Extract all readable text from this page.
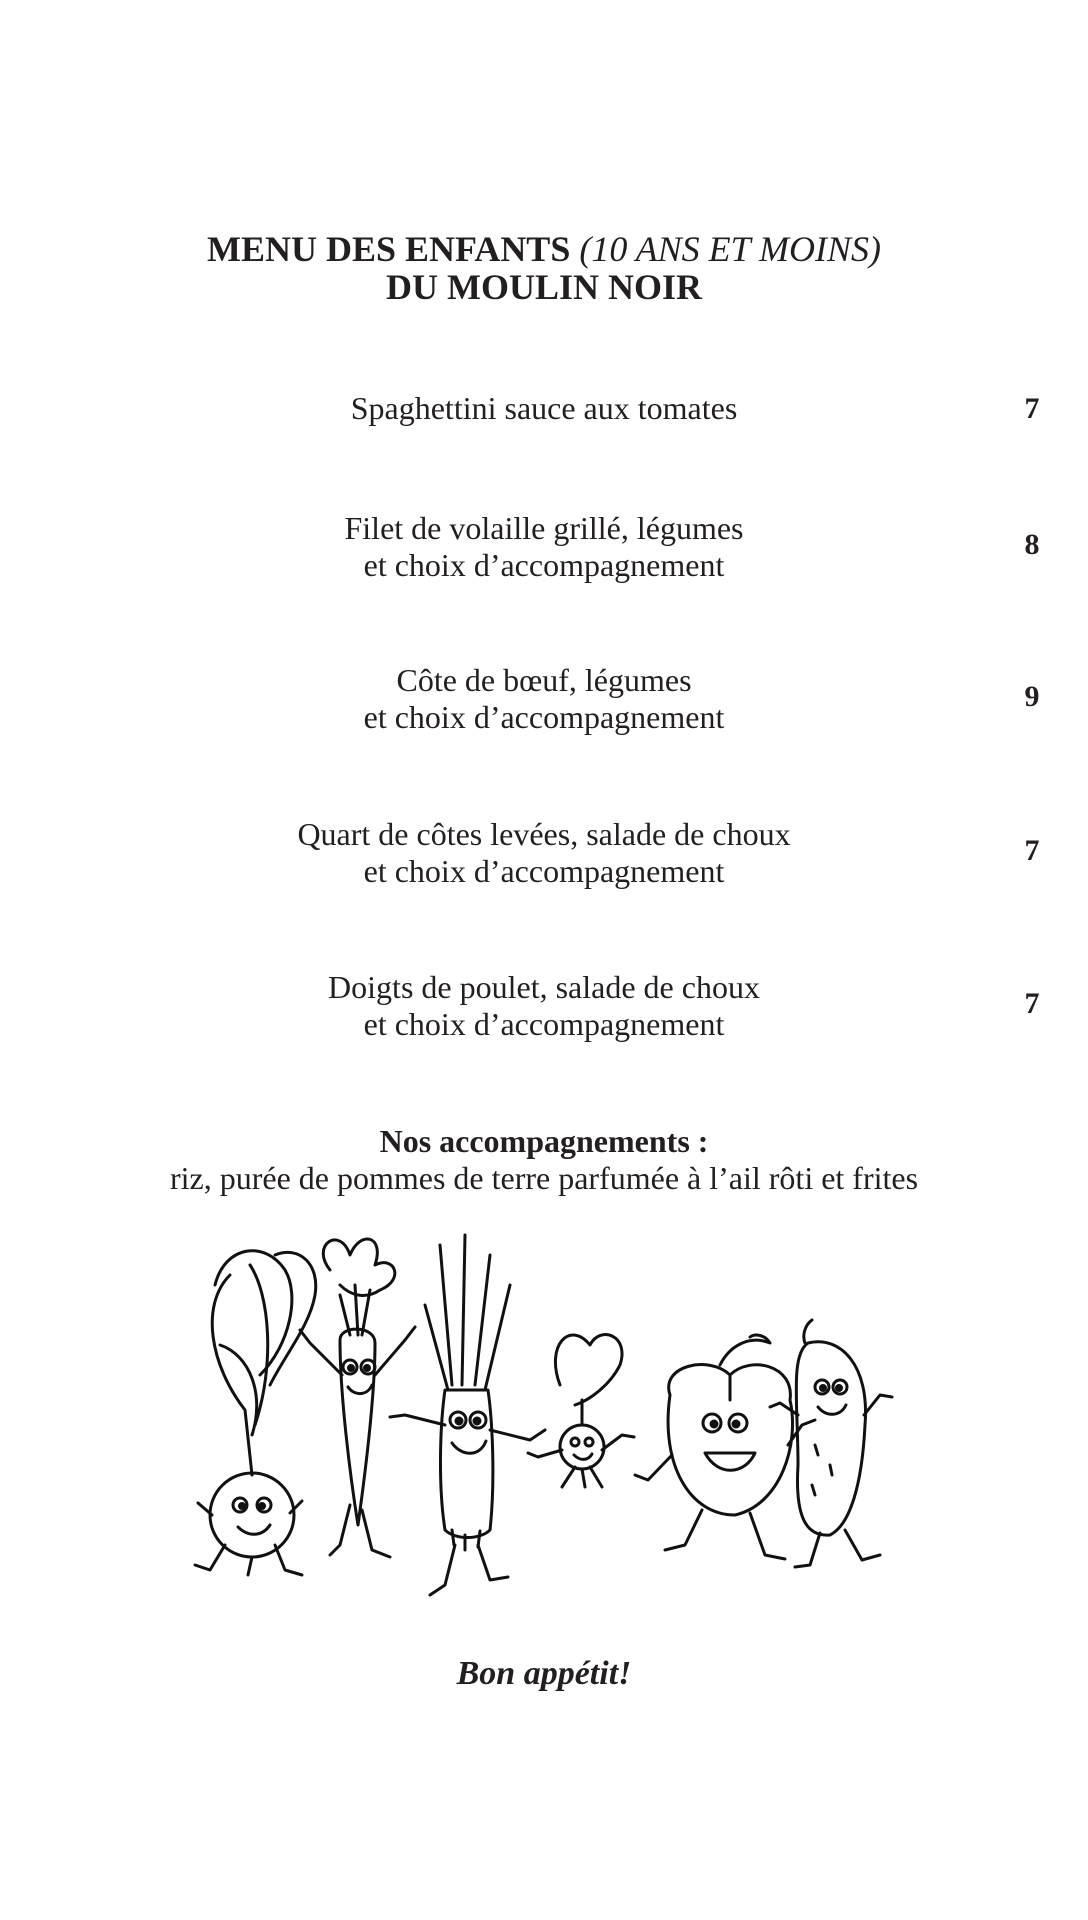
MENU DES ENFANTS (10 ANS ET MOINS)
DU MOULIN NOIR
Spaghettini sauce aux tomates	7
Filet de volaille grillé, légumes
et choix d’accompagnement
8
Côte de bœuf, légumes
et choix d’accompagnement
9
Quart de côtes levées, salade de choux
et choix d’accompagnement
7
Doigts de poulet, salade de choux
et choix d’accompagnement
7
Nos accompagnements :
riz, purée de pommes de terre parfumée à l’ail rôti et frites
Bon appétit!
